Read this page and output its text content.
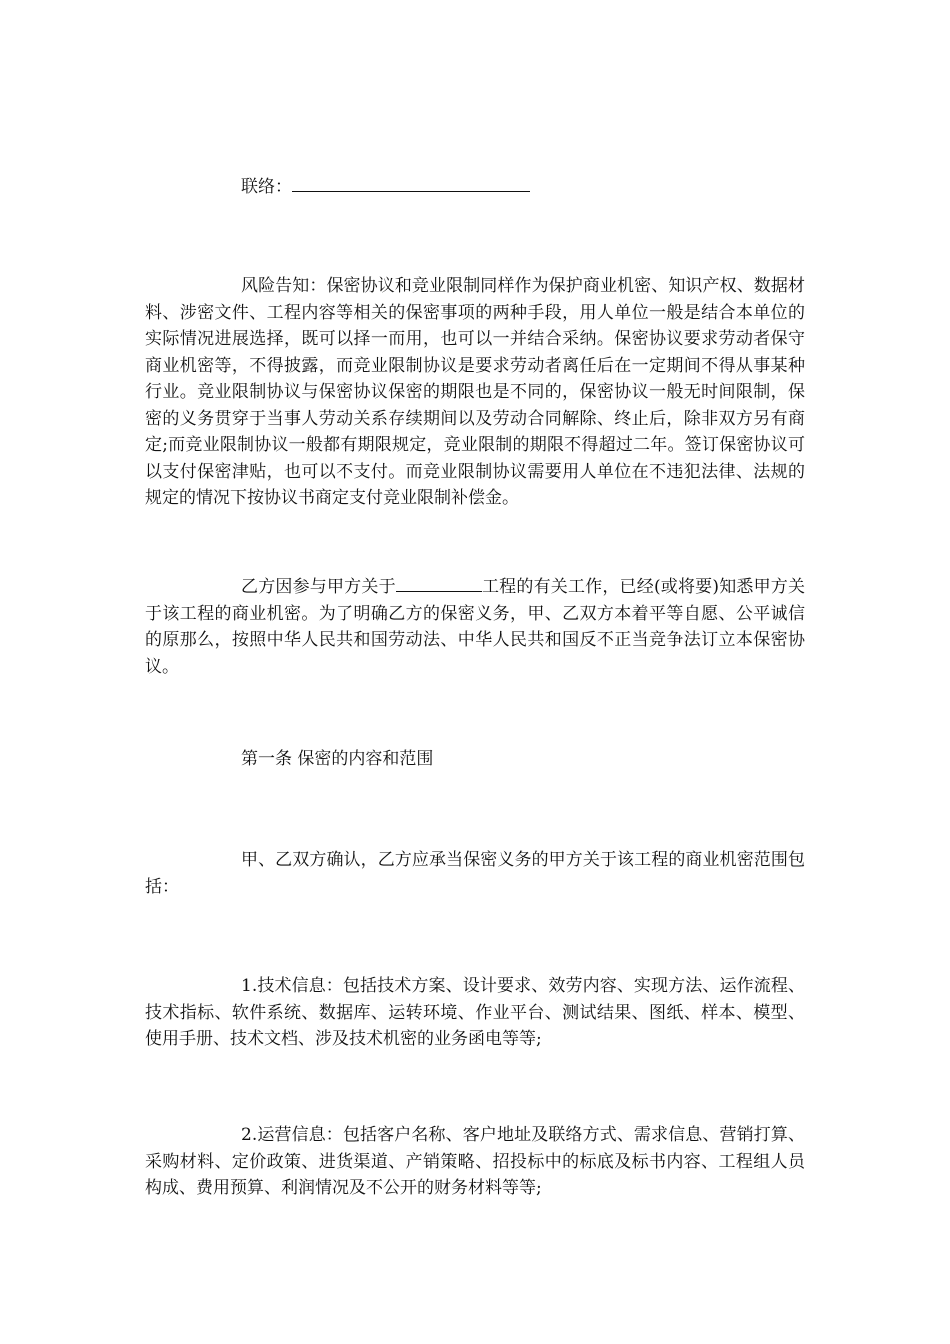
联络：

风险告知：保密协议和竞业限制同样作为保护商业机密、知识产权、数据材料、涉密文件、工程内容等相关的保密事项的两种手段，用人单位一般是结合本单位的实际情况进展选择，既可以择一而用，也可以一并结合采纳。保密协议要求劳动者保守商业机密等，不得披露，而竞业限制协议是要求劳动者离任后在一定期间不得从事某种行业。竞业限制协议与保密协议保密的期限也是不同的，保密协议一般无时间限制，保密的义务贯穿于当事人劳动关系存续期间以及劳动合同解除、终止后，除非双方另有商定;而竞业限制协议一般都有期限规定，竞业限制的期限不得超过二年。签订保密协议可以支付保密津贴，也可以不支付。而竞业限制协议需要用人单位在不违犯法律、法规的规定的情况下按协议书商定支付竞业限制补偿金。

乙方因参与甲方关于	工程的有关工作，已经(或将要)知悉甲方关于该工程的商业机密。为了明确乙方的保密义务，甲、乙双方本着平等自愿、公平诚信的原那么，按照中华人民共和国劳动法、中华人民共和国反不正当竞争法订立本保密协议。

第一条 保密的内容和范围

甲、乙双方确认，乙方应承当保密义务的甲方关于该工程的商业机密范围包括：

1.技术信息：包括技术方案、设计要求、效劳内容、实现方法、运作流程、技术指标、软件系统、数据库、运转环境、作业平台、测试结果、图纸、样本、模型、使用手册、技术文档、涉及技术机密的业务函电等等;

2.运营信息：包括客户名称、客户地址及联络方式、需求信息、营销打算、采购材料、定价政策、进货渠道、产销策略、招投标中的标底及标书内容、工程组人员构成、费用预算、利润情况及不公开的财务材料等等;
